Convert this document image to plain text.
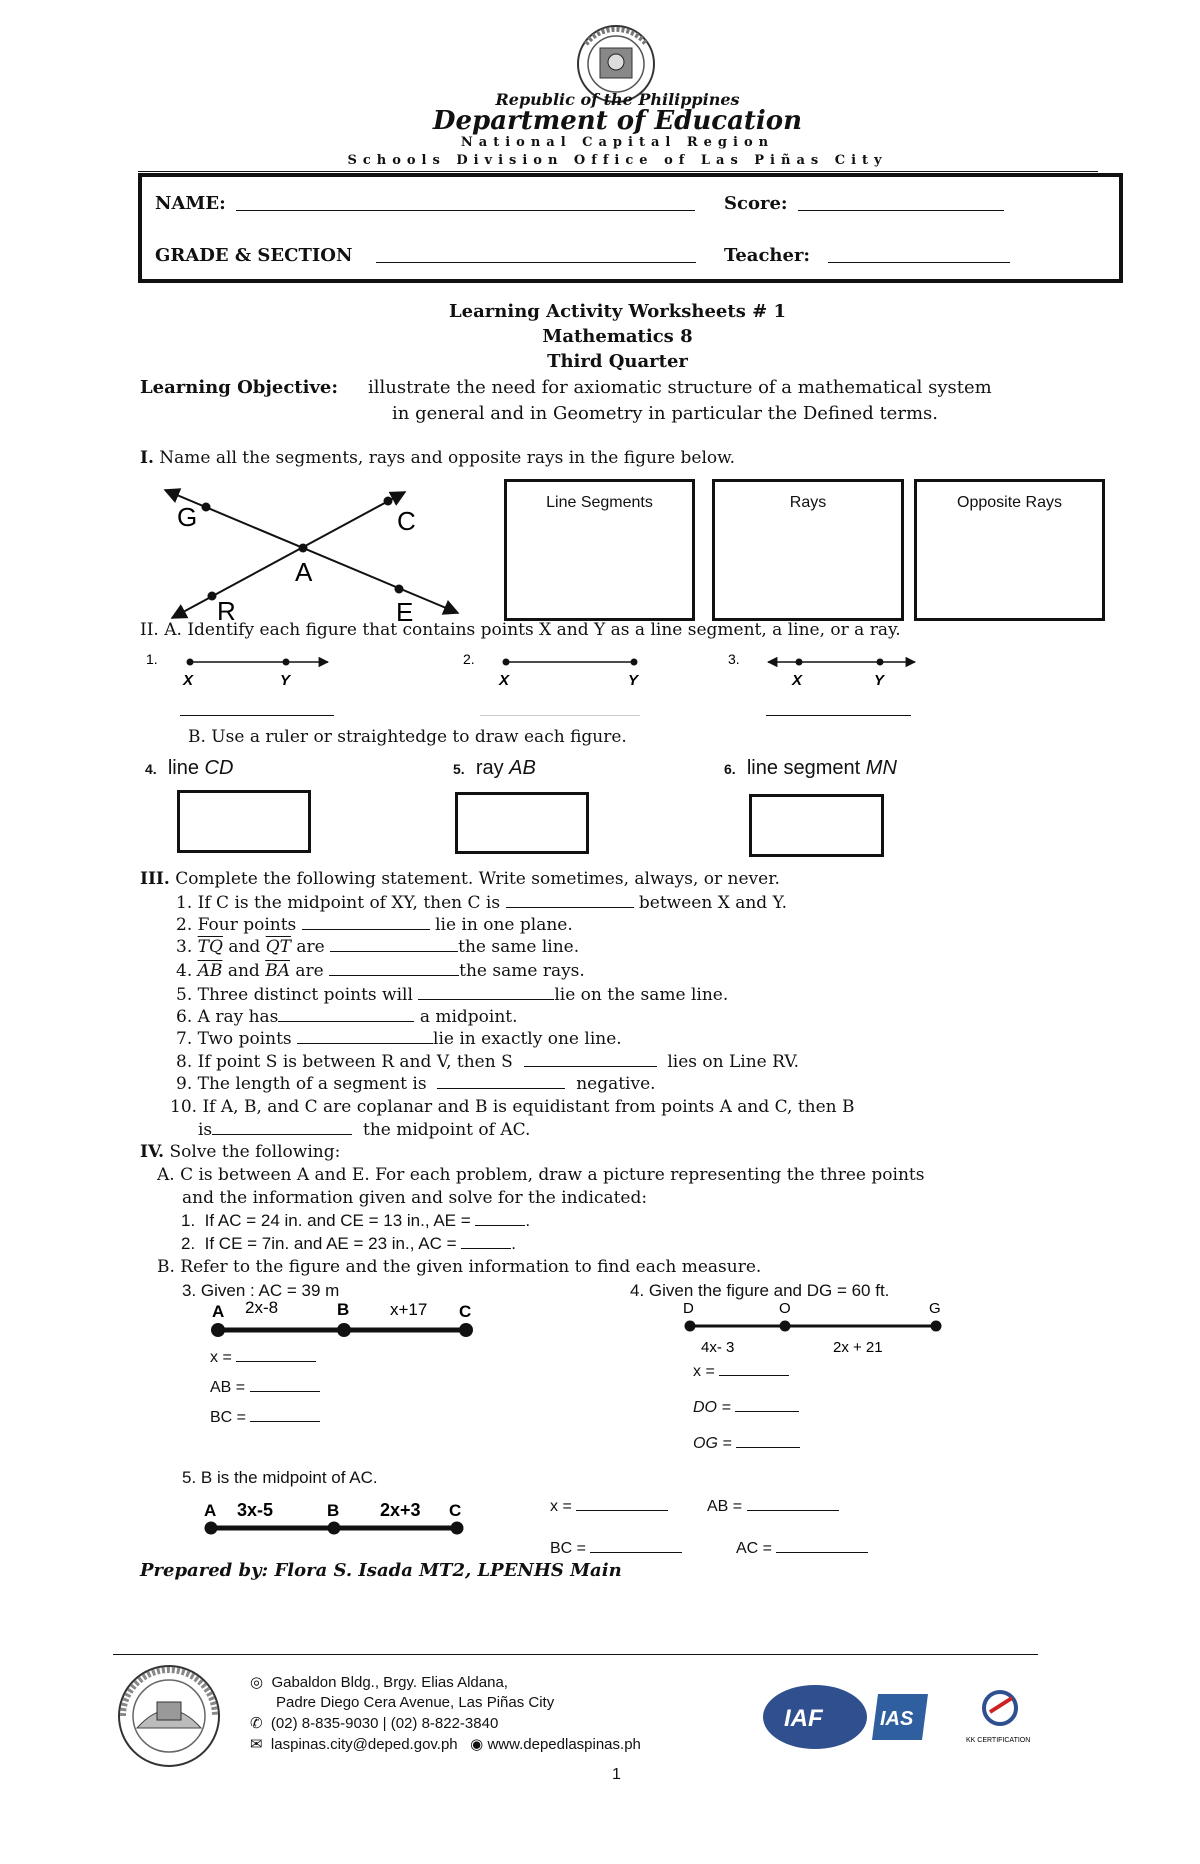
Republic of the Philippines
Department of Education
National Capital Region
Schools Division Office of Las Piñas City
NAME:	Score:
GRADE & SECTION	Teacher:
Learning Activity Worksheets # 1
Mathematics 8
Third Quarter
Learning Objective: illustrate the need for axiomatic structure of a mathematical system
in general and in Geometry in particular the Defined terms.
I. Name all the segments, rays and opposite rays in the figure below.
G	C
A
R	E
Line Segments	Rays	Opposite Rays
II. A. Identify each figure that contains points X and Y as a line segment, a line, or a ray.
1.
X	Y
2.
X	Y
3.
X	Y
B. Use a ruler or straightedge to draw each figure.
4. line CD	5. ray AB	6. line segment MN
III. Complete the following statement. Write sometimes, always, or never.
1. If C is the midpoint of XY, then C is	between X and Y.
2. Four points	lie in one plane.
3. $\overline{TQ}$ and $\overline{QT}$ are	the same line.
4. $\overline{AB}$ and $\overline{BA}$ are	the same rays.
5. Three distinct points will	lie on the same line.
6. A ray has	a midpoint.
7. Two points	lie in exactly one line.
8. If point S is between R and V, then S	lies on Line RV.
9. The length of a segment is	negative.
10. If A, B, and C are coplanar and B is equidistant from points A and C, then B
is	the midpoint of AC.
IV. Solve the following:
A. C is between A and E. For each problem, draw a picture representing the three points
and the information given and solve for the indicated:
1. If AC = 24 in. and CE = 13 in., AE =	.
2. If CE = 7in. and AE = 23 in., AC =	.
B. Refer to the figure and the given information to find each measure.
3. Given : AC = 39 m
A	B	C
2x-8	x+17
x =
AB =
BC =
4. Given the figure and DG = 60 ft.
D	O	G
4x- 3	2x + 21
x =
DO =
OG =
5. B is the midpoint of AC.
A	B	C
3x-5	2x+3	x =	AB =
BC =	AC =
Prepared by: Flora S. Isada MT2, LPENHS Main
◎ Gabaldon Bldg., Brgy. Elias Aldana,
Padre Diego Cera Avenue, Las Piñas City
✆ (02) 8-835-9030 | (02) 8-822-3840
✉ laspinas.city@deped.gov.ph ◉ www.depedlaspinas.ph
IAF	IAS
KK CERTIFICATION
1
